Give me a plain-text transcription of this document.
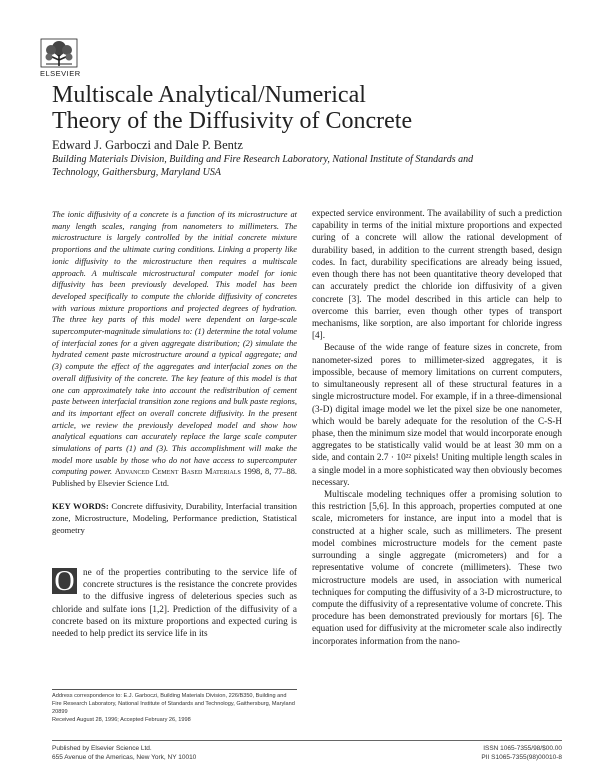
ELSEVIER
Multiscale Analytical/Numerical
Theory of the Diffusivity of Concrete
Edward J. Garboczi and Dale P. Bentz
Building Materials Division, Building and Fire Research Laboratory, National Institute of Standards and Technology, Gaithersburg, Maryland USA
The ionic diffusivity of a concrete is a function of its microstructure at many length scales, ranging from nanometers to millimeters. The microstructure is largely controlled by the initial concrete mixture proportions and the ultimate curing conditions. Linking a property like ionic diffusivity to the microstructure then requires a multiscale approach. A multiscale microstructural computer model for ionic diffusivity has been previously developed. This model has been developed specifically to compute the chloride diffusivity of concretes with various mixture proportions and projected degrees of hydration. The three key parts of this model were dependent on large-scale supercomputer-magnitude simulations to: (1) determine the total volume of interfacial zones for a given aggregate distribution; (2) simulate the hydrated cement paste microstructure around a typical aggregate; and (3) compute the effect of the aggregates and interfacial zones on the overall diffusivity of the concrete. The key feature of this model is that one can approximately take into account the redistribution of cement paste between interfacial transition zone regions and bulk paste regions, and its important effect on overall concrete diffusivity. In the present article, we review the previously developed model and show how analytical equations can accurately replace the large scale computer simulations of parts (1) and (3). This accomplishment will make the model more usable by those who do not have access to supercomputer computing power. Advanced Cement Based Materials 1998, 8, 77–88. Published by Elsevier Science Ltd.
KEY WORDS: Concrete diffusivity, Durability, Interfacial transition zone, Microstructure, Modeling, Performance prediction, Statistical geometry
O ne of the properties contributing to the service life of concrete structures is the resistance the concrete provides to the diffusive ingress of deleterious species such as chloride and sulfate ions [1,2]. Prediction of the diffusivity of a concrete based on its mixture proportions and expected curing is needed to help predict its service life in its
Address correspondence to: E.J. Garboczi, Building Materials Division, 226/B350, Building and Fire Research Laboratory, National Institute of Standards and Technology, Gaithersburg, Maryland 20899
Received August 28, 1996; Accepted February 26, 1998

expected service environment. The availability of such a prediction capability in terms of the initial mixture proportions and expected curing of a concrete will allow the rational development of durability based, in addition to the current strength based, design codes. In fact, durability specifications are already being issued, even though there has not been quantitative theory developed that can accurately predict the chloride ion diffusivity of a given concrete [3]. The model described in this article can help to overcome this barrier, even though other types of transport mechanisms, like sorption, are also important for chloride ingress [4].

Because of the wide range of feature sizes in concrete, from nanometer-sized pores to millimeter-sized aggregates, it is impossible, because of memory limitations on current computers, to simultaneously represent all of these structural features in a single microstructure model. For example, if in a three-dimensional (3-D) digital image model we let the pixel size be one nanometer, which would be barely adequate for the resolution of the C-S-H phase, then the minimum size model that would incorporate enough aggregates to be statistically valid would be at least 30 mm on a side, and contain 2.7 · 10²² pixels! Uniting multiple length scales in a single model in a more sophisticated way then obviously becomes necessary.

Multiscale modeling techniques offer a promising solution to this restriction [5,6]. In this approach, properties computed at one scale, micrometers for instance, are input into a model that is constructed at a higher scale, such as millimeters. The present model combines microstructure models for the cement paste surrounding a single aggregate (micrometers) and for a representative volume of concrete (millimeters). These two microstructure models are used, in association with numerical techniques for computing the diffusivity of a 3-D microstructure, to compute the diffusivity of a representative volume of concrete. This procedure has been demonstrated previously for mortars [6]. The equation used for diffusivity at the micrometer scale also indirectly incorporates information from the nano-

Published by Elsevier Science Ltd.
655 Avenue of the Americas, New York, NY 10010
ISSN 1065-7355/98/$00.00
PII S1065-7355(98)00010-8
